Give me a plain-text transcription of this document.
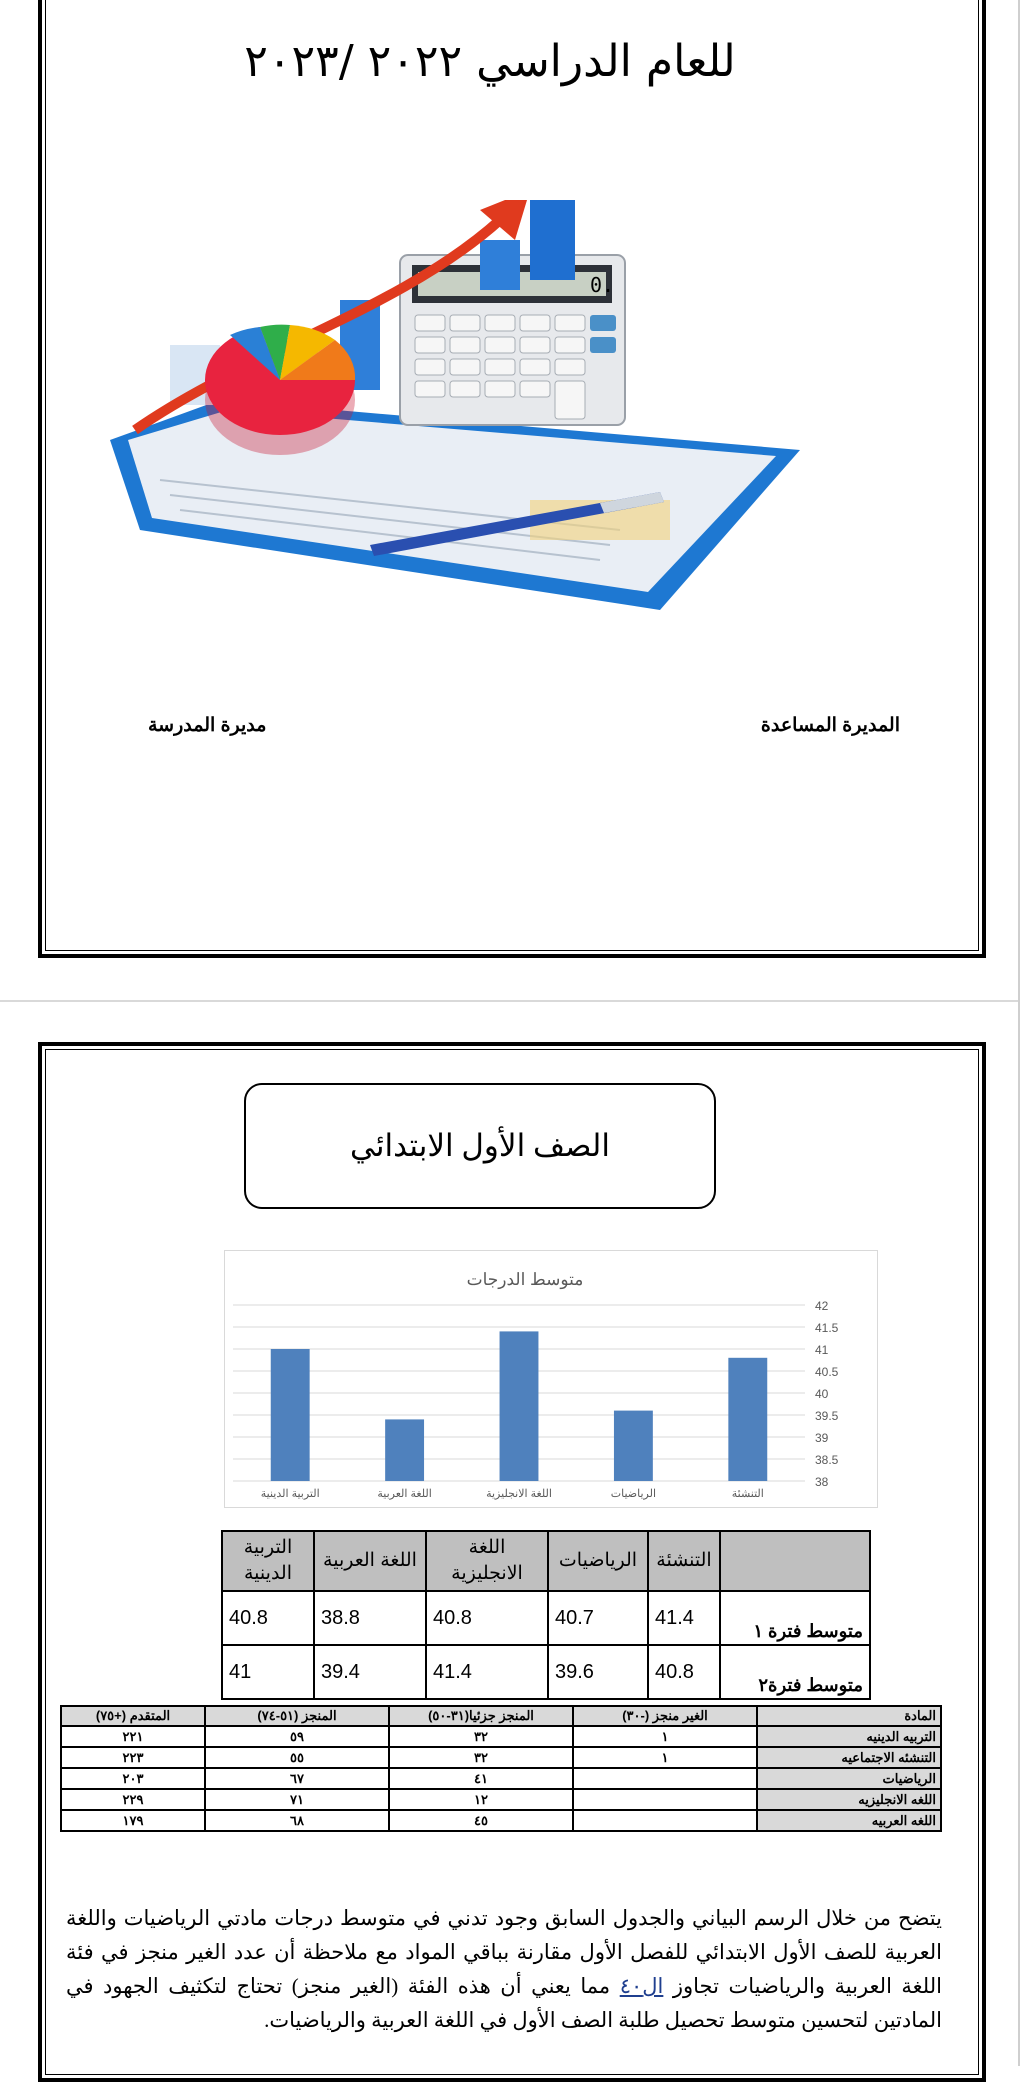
للعام الدراسي ٢٠٢٢ /٢٠٢٣
0.
المديرة المساعدة
مديرة المدرسة
الصف الأول الابتدائي
متوسط الدرجات
38
38.5
39
39.5
40
40.5
41
41.5
42
التربية الدينية	اللغة العربية	اللغة الانجليزية	الرياضيات	التنشئة
	التنشئة	الرياضيات	اللغة الانجليزية	اللغة العربية	التربية الدينية
متوسط فترة ١	41.4	40.7	40.8	38.8	40.8
متوسط فترة٢	40.8	39.6	41.4	39.4	41
المادة	الغير منجز (-٣٠)	المنجز جزئيا(٣١-٥٠)	المنجز (٥١-٧٤)	المتقدم (+٧٥)
التربيه الدينيه	١	٣٢	٥٩	٢٢١
التنشئه الاجتماعيه	١	٣٢	٥٥	٢٢٣
الرياضيات		٤١	٦٧	٢٠٣
اللغه الانجليزيه		١٢	٧١	٢٢٩
اللغه العربيه		٤٥	٦٨	١٧٩

يتضح من خلال الرسم البياني والجدول السابق وجود تدني في متوسط درجات مادتي الرياضيات واللغة العربية للصف الأول الابتدائي للفصل الأول مقارنة بباقي المواد مع ملاحظة أن عدد الغير منجز في فئة اللغة العربية والرياضيات تجاوز ال٤٠ مما يعني أن هذه الفئة (الغير منجز) تحتاج لتكثيف الجهود في المادتين لتحسين متوسط تحصيل طلبة الصف الأول في اللغة العربية والرياضيات.
